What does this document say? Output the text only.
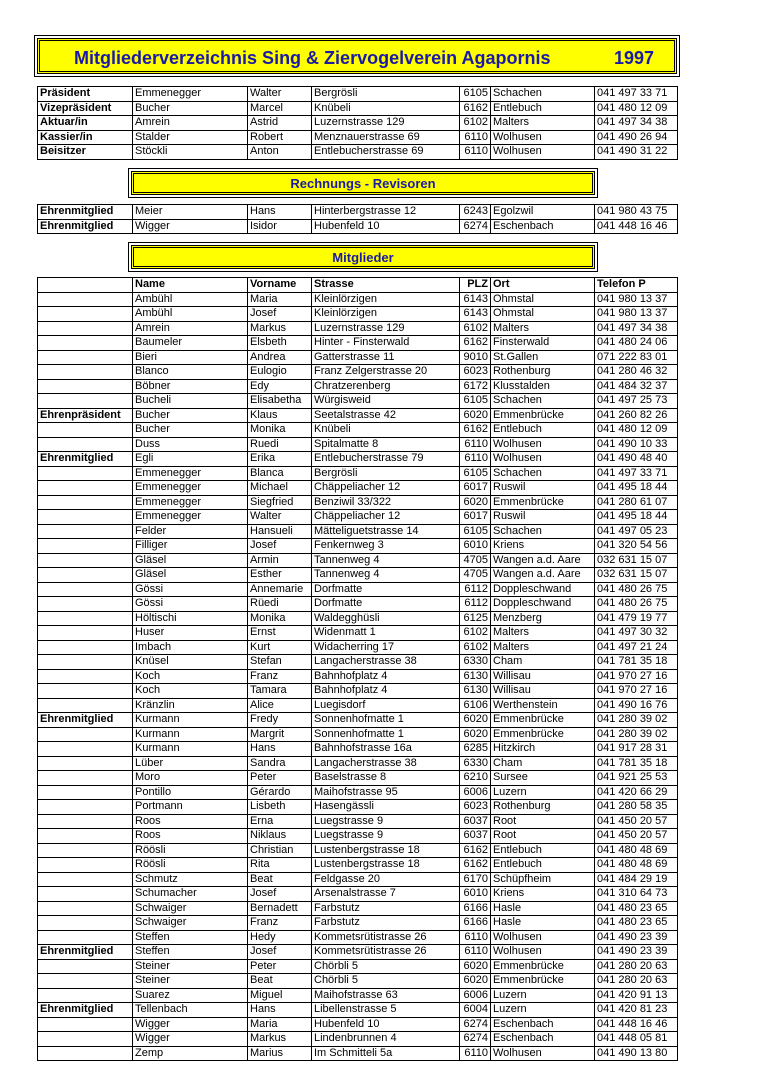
Mitgliederverzeichnis Sing & Ziervogelverein Agapornis	1997
Präsident	Emmenegger	Walter	Bergrösli	6105	Schachen	041 497 33 71
Vizepräsident	Bucher	Marcel	Knübeli	6162	Entlebuch	041 480 12 09
Aktuar/in	Amrein	Astrid	Luzernstrasse 129	6102	Malters	041 497 34 38
Kassier/in	Stalder	Robert	Menznauerstrasse 69	6110	Wolhusen	041 490 26 94
Beisitzer	Stöckli	Anton	Entlebucherstrasse 69	6110	Wolhusen	041 490 31 22
Rechnungs - Revisoren
Ehrenmitglied	Meier	Hans	Hinterbergstrasse 12	6243	Egolzwil	041 980 43 75
Ehrenmitglied	Wigger	Isidor	Hubenfeld 10	6274	Eschenbach	041 448 16 46
Mitglieder
	Name	Vorname	Strasse	PLZ	Ort	Telefon P
	Ambühl	Maria	Kleinlörzigen	6143	Ohmstal	041 980 13 37
	Ambühl	Josef	Kleinlörzigen	6143	Ohmstal	041 980 13 37
	Amrein	Markus	Luzernstrasse 129	6102	Malters	041 497 34 38
	Baumeler	Elsbeth	Hinter - Finsterwald	6162	Finsterwald	041 480 24 06
	Bieri	Andrea	Gatterstrasse 11	9010	St.Gallen	071 222 83 01
	Blanco	Eulogio	Franz Zelgerstrasse 20	6023	Rothenburg	041 280 46 32
	Böbner	Edy	Chratzerenberg	6172	Klusstalden	041 484 32 37
	Bucheli	Elisabetha	Würgisweid	6105	Schachen	041 497 25 73
Ehrenpräsident	Bucher	Klaus	Seetalstrasse 42	6020	Emmenbrücke	041 260 82 26
	Bucher	Monika	Knübeli	6162	Entlebuch	041 480 12 09
	Duss	Ruedi	Spitalmatte 8	6110	Wolhusen	041 490 10 33
Ehrenmitglied	Egli	Erika	Entlebucherstrasse 79	6110	Wolhusen	041 490 48 40
	Emmenegger	Blanca	Bergrösli	6105	Schachen	041 497 33 71
	Emmenegger	Michael	Chäppeliacher 12	6017	Ruswil	041 495 18 44
	Emmenegger	Siegfried	Benziwil 33/322	6020	Emmenbrücke	041 280 61 07
	Emmenegger	Walter	Chäppeliacher 12	6017	Ruswil	041 495 18 44
	Felder	Hansueli	Mätteliguetstrasse 14	6105	Schachen	041 497 05 23
	Filliger	Josef	Fenkernweg 3	6010	Kriens	041 320 54 56
	Gläsel	Armin	Tannenweg 4	4705	Wangen a.d. Aare	032 631 15 07
	Gläsel	Esther	Tannenweg 4	4705	Wangen a.d. Aare	032 631 15 07
	Gössi	Annemarie	Dorfmatte	6112	Doppleschwand	041 480 26 75
	Gössi	Rüedi	Dorfmatte	6112	Doppleschwand	041 480 26 75
	Höltischi	Monika	Waldegghüsli	6125	Menzberg	041 479 19 77
	Huser	Ernst	Widenmatt 1	6102	Malters	041 497 30 32
	Imbach	Kurt	Widacherring 17	6102	Malters	041 497 21 24
	Knüsel	Stefan	Langacherstrasse 38	6330	Cham	041 781 35 18
	Koch	Franz	Bahnhofplatz 4	6130	Willisau	041 970 27 16
	Koch	Tamara	Bahnhofplatz 4	6130	Willisau	041 970 27 16
	Kränzlin	Alice	Luegisdorf	6106	Werthenstein	041 490 16 76
Ehrenmitglied	Kurmann	Fredy	Sonnenhofmatte 1	6020	Emmenbrücke	041 280 39 02
	Kurmann	Margrit	Sonnenhofmatte 1	6020	Emmenbrücke	041 280 39 02
	Kurmann	Hans	Bahnhofstrasse 16a	6285	Hitzkirch	041 917 28 31
	Lüber	Sandra	Langacherstrasse 38	6330	Cham	041 781 35 18
	Moro	Peter	Baselstrasse 8	6210	Sursee	041 921 25 53
	Pontillo	Gérardo	Maihofstrasse 95	6006	Luzern	041 420 66 29
	Portmann	Lisbeth	Hasengässli	6023	Rothenburg	041 280 58 35
	Roos	Erna	Luegstrasse 9	6037	Root	041 450 20 57
	Roos	Niklaus	Luegstrasse 9	6037	Root	041 450 20 57
	Röösli	Christian	Lustenbergstrasse 18	6162	Entlebuch	041 480 48 69
	Röösli	Rita	Lustenbergstrasse 18	6162	Entlebuch	041 480 48 69
	Schmutz	Beat	Feldgasse 20	6170	Schüpfheim	041 484 29 19
	Schumacher	Josef	Arsenalstrasse 7	6010	Kriens	041 310 64 73
	Schwaiger	Bernadett	Farbstutz	6166	Hasle	041 480 23 65
	Schwaiger	Franz	Farbstutz	6166	Hasle	041 480 23 65
	Steffen	Hedy	Kommetsrütistrasse 26	6110	Wolhusen	041 490 23 39
Ehrenmitglied	Steffen	Josef	Kommetsrütistrasse 26	6110	Wolhusen	041 490 23 39
	Steiner	Peter	Chörbli 5	6020	Emmenbrücke	041 280 20 63
	Steiner	Beat	Chörbli 5	6020	Emmenbrücke	041 280 20 63
	Suarez	Miguel	Maihofstrasse 63	6006	Luzern	041 420 91 13
Ehrenmitglied	Tellenbach	Hans	Libellenstrasse 5	6004	Luzern	041 420 81 23
	Wigger	Maria	Hubenfeld 10	6274	Eschenbach	041 448 16 46
	Wigger	Markus	Lindenbrunnen 4	6274	Eschenbach	041 448 05 81
	Zemp	Marius	Im Schmitteli 5a	6110	Wolhusen	041 490 13 80
